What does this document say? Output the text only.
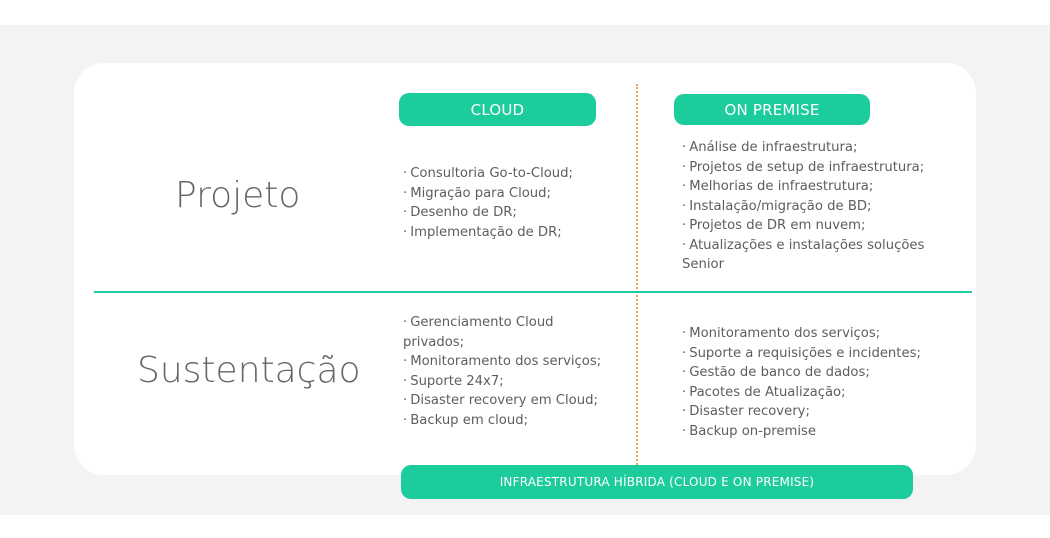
CLOUD	ON PREMISE
Projeto
Sustentação
· Consultoria Go-to-Cloud;
· Migração para Cloud;
· Desenho de DR;
· Implementação de DR;
· Análise de infraestrutura;
· Projetos de setup de infraestrutura;
· Melhorias de infraestrutura;
· Instalação/migração de BD;
· Projetos de DR em nuvem;
· Atualizações e instalações soluções Senior
· Gerenciamento Cloud privados;
· Monitoramento dos serviços;
· Suporte 24x7;
· Disaster recovery em Cloud;
· Backup em cloud;
· Monitoramento dos serviços;
· Suporte a requisições e incidentes;
· Gestão de banco de dados;
· Pacotes de Atualização;
· Disaster recovery;
· Backup on-premise
INFRAESTRUTURA HÍBRIDA (CLOUD E ON PREMISE)
